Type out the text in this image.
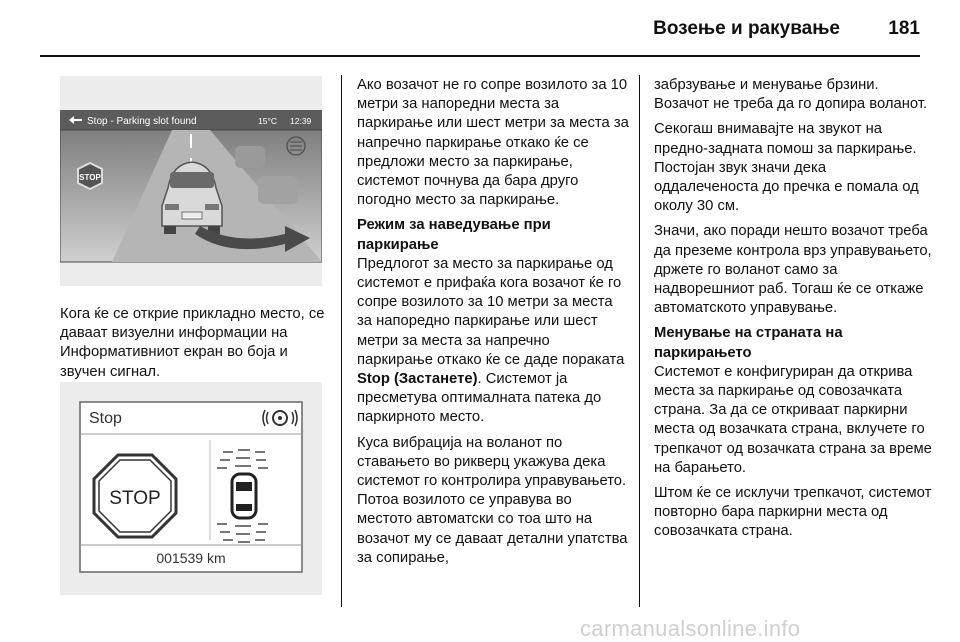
Возење и ракување	181
Stop - Parking slot found	15°C 12:39
STOP

Кога ќе се открие прикладно место, се даваат визуелни информации на Информативниот екран во боја и звучен сигнал.

Stop
STOP
001539 km

Ако возачот не го сопре возилото за 10 метри за напоредни места за паркирање или шест метри за места за напречно паркирање откако ќе се предложи место за паркирање, системот почнува да бара друго погодно место за паркирање.

Режим за наведување при паркирање

Предлогот за место за паркирање од системот е прифаќа кога возачот ќе го сопре возилото за 10 метри за места за напоредно паркирање или шест метри за места за напречно паркирање откако ќе се даде пораката Stop (Застанете). Системот ја пресметува оптималната патека до паркирното место.

Куса вибрација на воланот по ставањето во рикверц укажува дека системот го контролира управувањето. Потоа возилото се управува во местото автоматски со тоа што на возачот му се даваат детални упатства за сопирање,

забрзување и менување брзини. Возачот не треба да го допира воланот.

Секогаш внимавајте на звукот на предно-задната помош за паркирање. Постојан звук значи дека оддалеченоста до пречка е помала од околу 30 см.

Значи, ако поради нешто возачот треба да преземе контрола врз управувањето, држете го воланот само за надворешниот раб. Тогаш ќе се откаже автоматското управување.

Менување на страната на паркирањето

Системот е конфигуриран да открива места за паркирање од совозачката страна. За да се откриваат паркирни места од возачката страна, вклучете го трепкачот од возачката страна за време на барањето.

Штом ќе се исклучи трепкачот, системот повторно бара паркирни места од совозачката страна.

carmanualsonline.info
